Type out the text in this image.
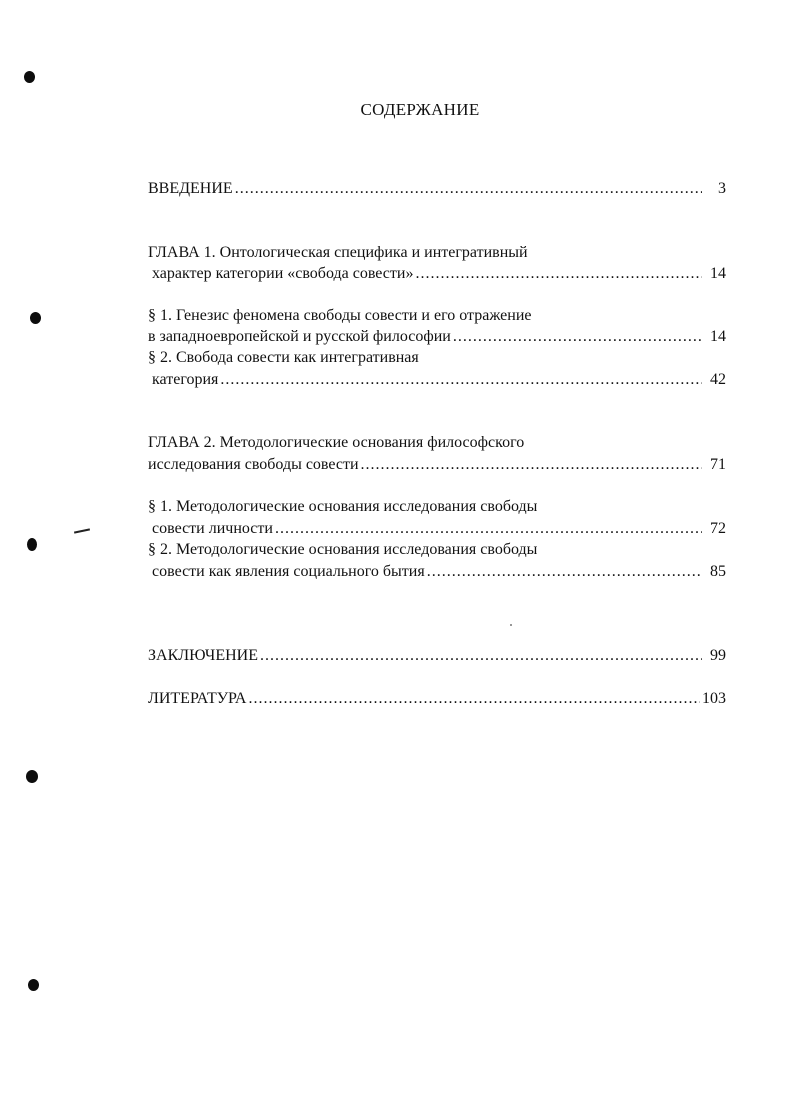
СОДЕРЖАНИЕ
ВВЕДЕНИЕ .....	3
ГЛАВА 1. Онтологическая специфика и интегративный
характер категории «свобода совести» .....	14
§ 1. Генезис феномена свободы совести и его отражение
в западноевропейской и русской философии .....	14
§ 2. Свобода совести как интегративная
категория .....	42
ГЛАВА 2. Методологические основания философского
исследования свободы совести .....	71
§ 1. Методологические основания исследования свободы
совести личности .....	72
§ 2. Методологические основания исследования свободы
совести как явления социального бытия .....	85
ЗАКЛЮЧЕНИЕ .....	99
ЛИТЕРАТУРА .....	103
